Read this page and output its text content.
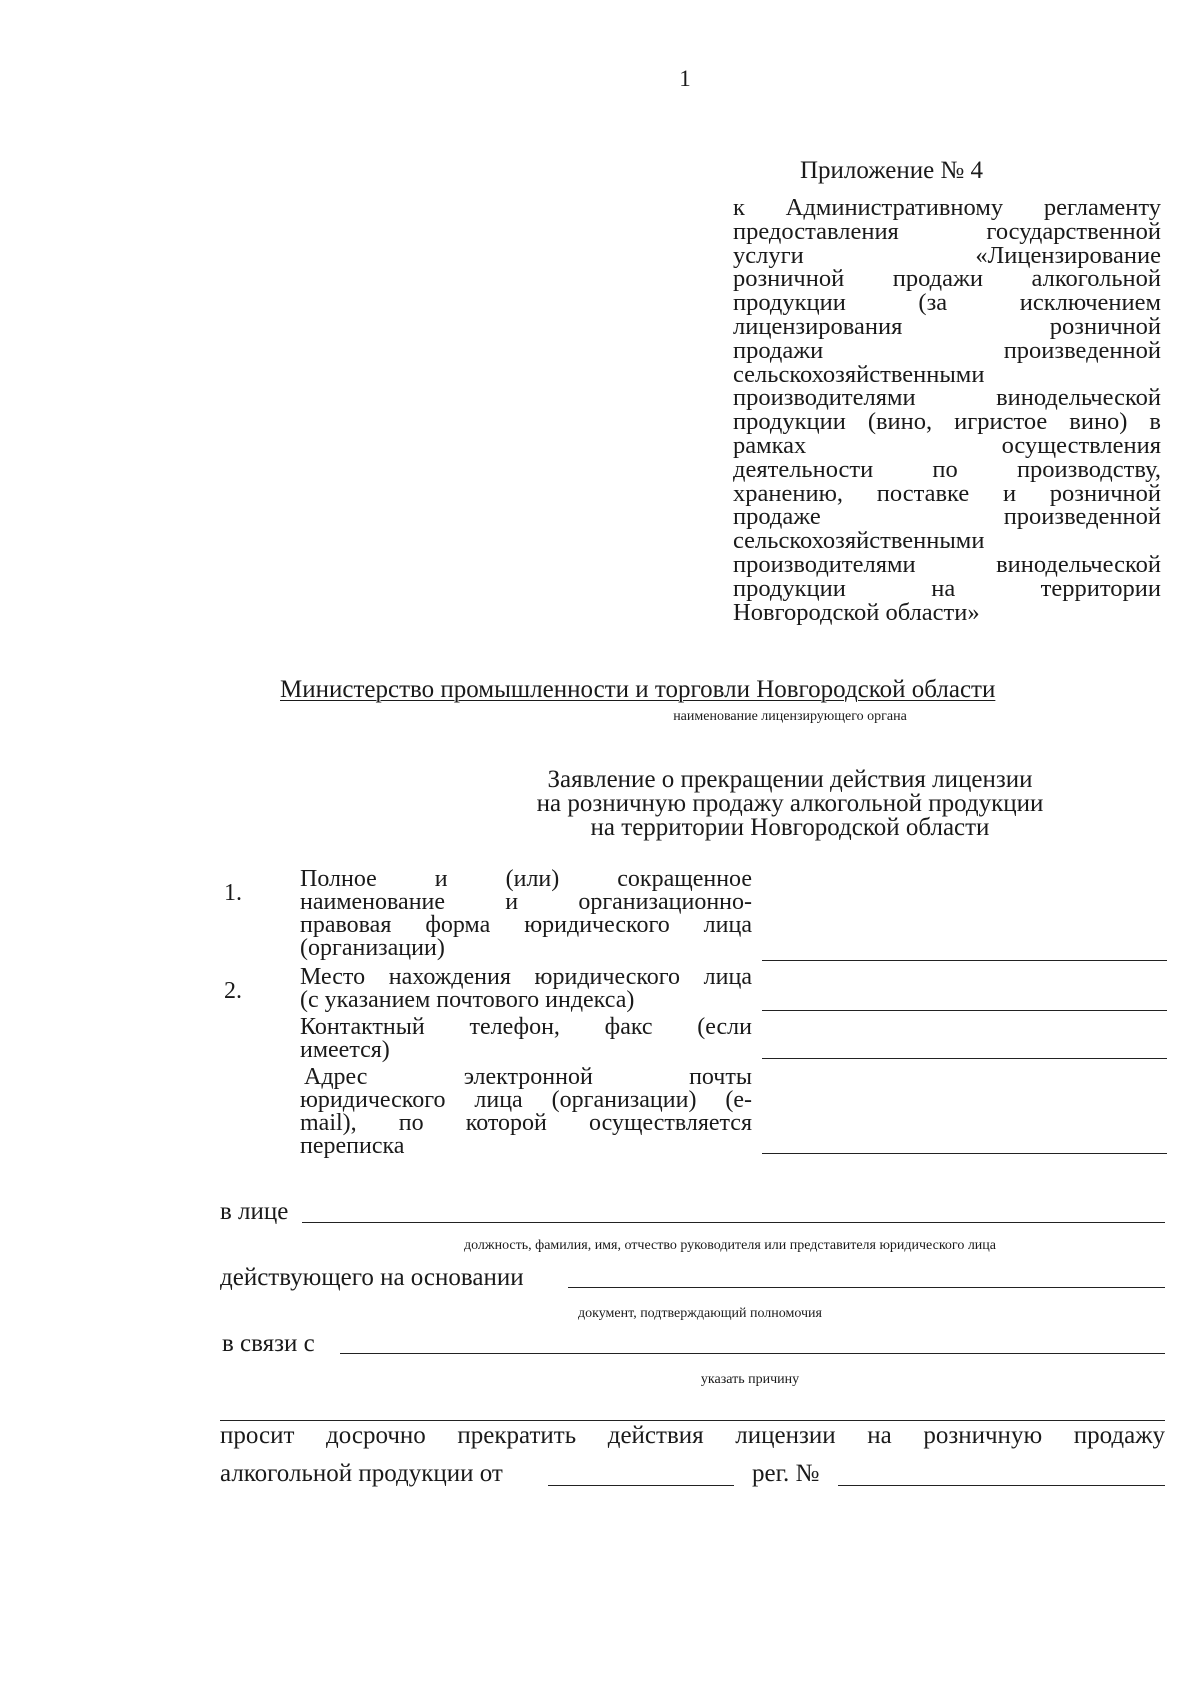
1
Приложение № 4
к Административному регламенту
предоставления государственной
услуги «Лицензирование
розничной продажи алкогольной
продукции (за исключением
лицензирования розничной
продажи произведенной
сельскохозяйственными
производителями винодельческой
продукции (вино, игристое вино) в
рамках осуществления
деятельности по производству,
хранению, поставке и розничной
продаже произведенной
сельскохозяйственными
производителями винодельческой
продукции на территории
Новгородской области»
Министерство промышленности и торговли Новгородской области
наименование лицензирующего органа
Заявление о прекращении действия лицензии
на розничную продажу алкогольной продукции
на территории Новгородской области
1.
Полное и (или) сокращенное
наименование и организационно-
правовая форма юридического лица
(организации)
2.
Место нахождения юридического лица
(с указанием почтового индекса)
Контактный телефон, факс (если
имеется)
Адрес электронной почты
юридического лица (организации) (e-
mail), по которой осуществляется
переписка
в лице
должность, фамилия, имя, отчество руководителя или представителя юридического лица
действующего на основании
документ, подтверждающий полномочия
в связи с
указать причину
просит досрочно прекратить действия лицензии на розничную продажу
алкогольной продукции от	рег. №
